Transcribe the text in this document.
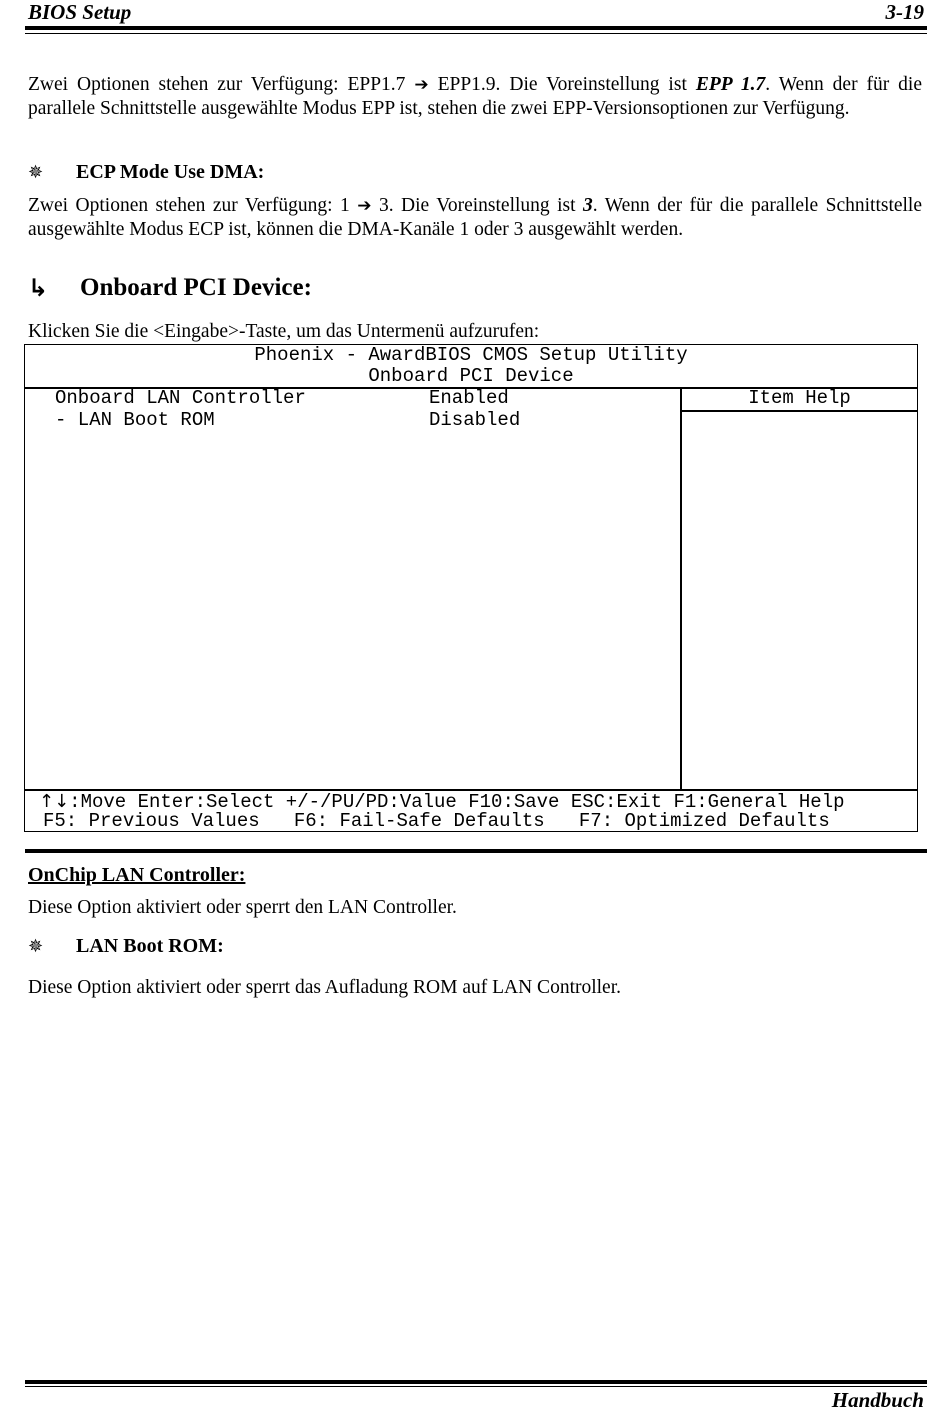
BIOS Setup	3-19
Zwei Optionen stehen zur Verfügung: EPP1.7 ➔ EPP1.9. Die Voreinstellung ist EPP 1.7. Wenn der für die parallele Schnittstelle ausgewählte Modus EPP ist, stehen die zwei EPP-Versionsoptionen zur Verfügung.
✵	ECP Mode Use DMA:
Zwei Optionen stehen zur Verfügung: 1 ➔ 3. Die Voreinstellung ist 3. Wenn der für die parallele Schnittstelle ausgewählte Modus ECP ist, können die DMA-Kanäle 1 oder 3 ausgewählt werden.
↳	Onboard PCI Device:
Klicken Sie die <Eingabe>-Taste, um das Untermenü aufzurufen:
Phoenix - AwardBIOS CMOS Setup Utility
Onboard PCI Device
Item Help
Onboard LAN Controller	Enabled
- LAN Boot ROM	Disabled
↑↓:Move Enter:Select +/-/PU/PD:Value F10:Save ESC:Exit F1:General Help
F5: Previous Values   F6: Fail-Safe Defaults   F7: Optimized Defaults
OnChip LAN Controller:
Diese Option aktiviert oder sperrt den LAN Controller.
✵	LAN Boot ROM:
Diese Option aktiviert oder sperrt das Aufladung ROM auf LAN Controller.
Handbuch
